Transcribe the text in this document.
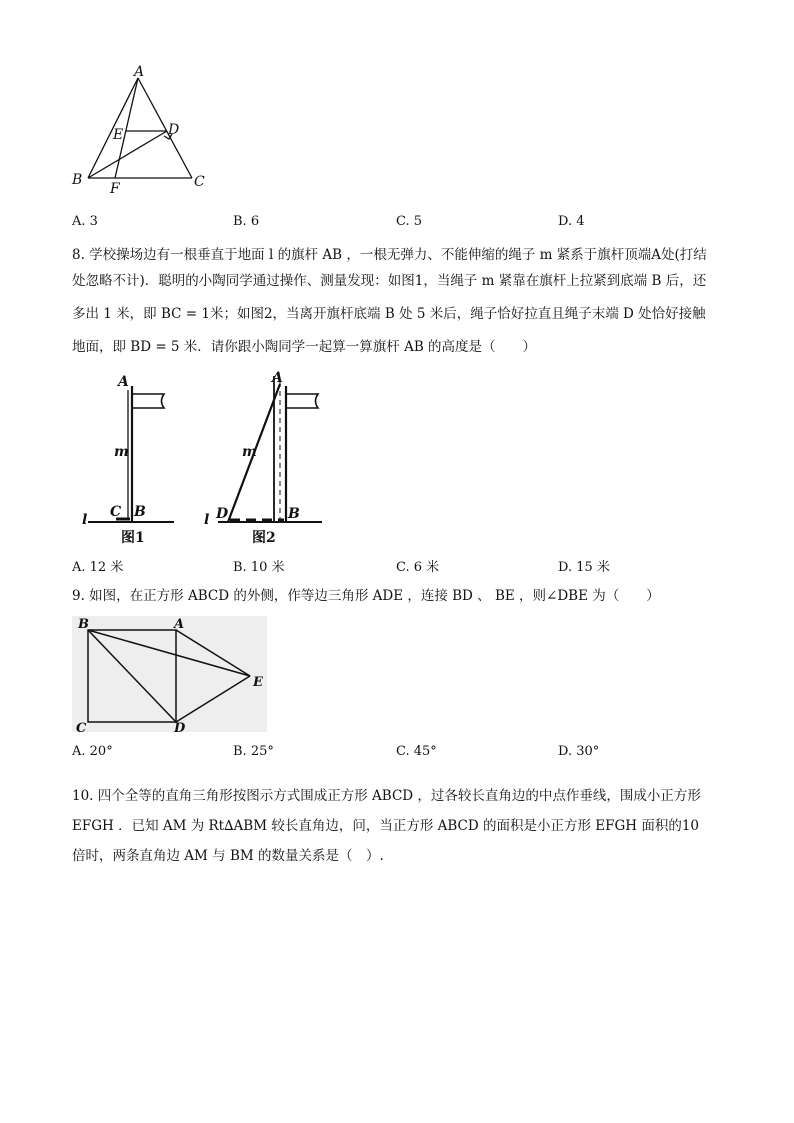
A
B	C
D
E
F
A. 3	B. 6	C. 5	D. 4
8. 学校操场边有一根垂直于地面 l 的旗杆 AB ，一根无弹力、不能伸缩的绳子 m 紧系于旗杆顶端A处(打结
处忽略不计)．聪明的小陶同学通过操作、测量发现：如图1，当绳子 m 紧靠在旗杆上拉紧到底端 B 后，还
多出 1 米，即 BC = 1米；如图2，当离开旗杆底端 B 处 5 米后，绳子恰好拉直且绳子末端 D 处恰好接触
地面，即 BD = 5 米．请你跟小陶同学一起算一算旗杆 AB 的高度是（　　）
A
m
C B
l
图1
A
m
D	B
l
图2
A. 12 米	B. 10 米	C. 6 米	D. 15 米
9. 如图，在正方形 ABCD 的外侧，作等边三角形 ADE ，连接 BD 、 BE ，则∠DBE 为（　　）
B	A
E
C	D
A. 20°	B. 25°	C. 45°	D. 30°
10. 四个全等的直角三角形按图示方式围成正方形 ABCD ，过各较长直角边的中点作垂线，围成小正方形
EFGH ．已知 AM 为 Rt∆ABM 较长直角边，问，当正方形 ABCD 的面积是小正方形 EFGH 面积的10
倍时，两条直角边 AM 与 BM 的数量关系是（　）.
